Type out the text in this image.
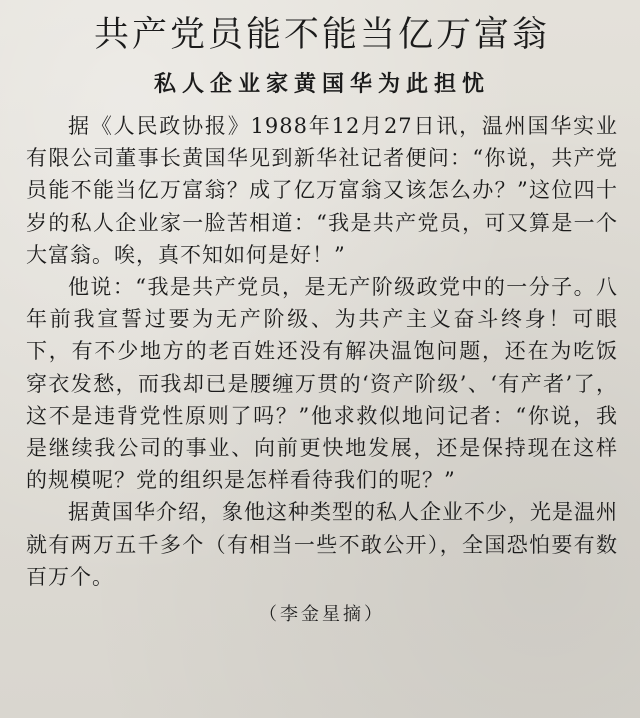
共产党员能不能当亿万富翁
私人企业家黄国华为此担忧

据《人民政协报》1988年12月27日讯，温州国华实业有限公司董事长黄国华见到新华社记者便问：“你说，共产党员能不能当亿万富翁？成了亿万富翁又该怎么办？”这位四十岁的私人企业家一脸苦相道：“我是共产党员，可又算是一个大富翁。唉，真不知如何是好！”

他说：“我是共产党员，是无产阶级政党中的一分子。八年前我宣誓过要为无产阶级、为共产主义奋斗终身！可眼下，有不少地方的老百姓还没有解决温饱问题，还在为吃饭穿衣发愁，而我却已是腰缠万贯的‘资产阶级’、‘有产者’了，这不是违背党性原则了吗？”他求救似地问记者：“你说，我是继续我公司的事业、向前更快地发展，还是保持现在这样的规模呢？党的组织是怎样看待我们的呢？”

据黄国华介绍，象他这种类型的私人企业不少，光是温州就有两万五千多个（有相当一些不敢公开），全国恐怕要有数百万个。

（李金星摘）
